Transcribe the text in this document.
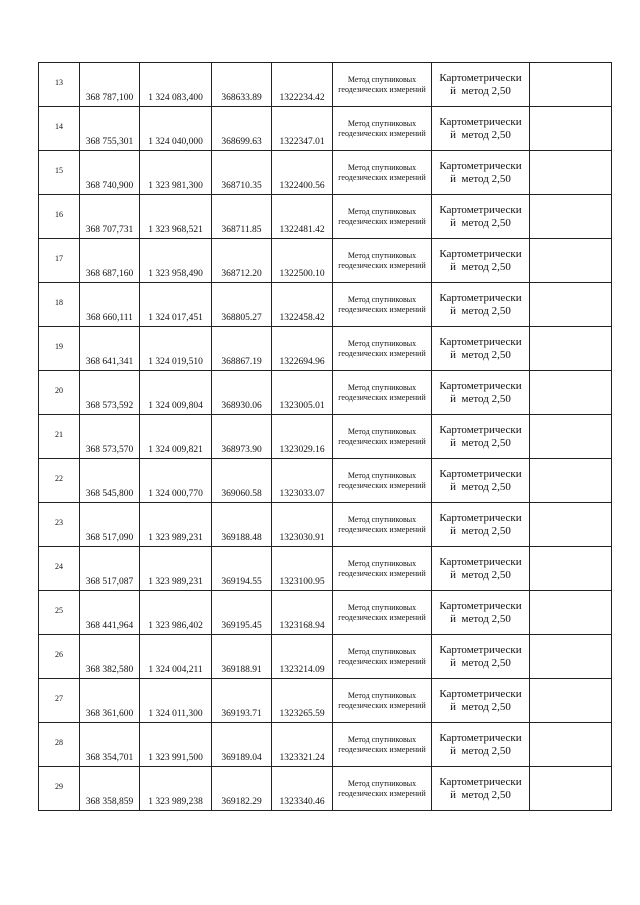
13	368 787,100	1 324 083,400	368633.89	1322234.42	Метод спутниковых геодезических измерений	Картометрически
й  метод 2,50	

14	368 755,301	1 324 040,000	368699.63	1322347.01	Метод спутниковых геодезических измерений	Картометрически
й  метод 2,50	

15	368 740,900	1 323 981,300	368710.35	1322400.56	Метод спутниковых геодезических измерений	Картометрически
й  метод 2,50	

16	368 707,731	1 323 968,521	368711.85	1322481.42	Метод спутниковых геодезических измерений	Картометрически
й  метод 2,50	

17	368 687,160	1 323 958,490	368712.20	1322500.10	Метод спутниковых геодезических измерений	Картометрически
й  метод 2,50	

18	368 660,111	1 324 017,451	368805.27	1322458.42	Метод спутниковых геодезических измерений	Картометрически
й  метод 2,50	

19	368 641,341	1 324 019,510	368867.19	1322694.96	Метод спутниковых геодезических измерений	Картометрически
й  метод 2,50	

20	368 573,592	1 324 009,804	368930.06	1323005.01	Метод спутниковых геодезических измерений	Картометрически
й  метод 2,50	

21	368 573,570	1 324 009,821	368973.90	1323029.16	Метод спутниковых геодезических измерений	Картометрически
й  метод 2,50	

22	368 545,800	1 324 000,770	369060.58	1323033.07	Метод спутниковых геодезических измерений	Картометрически
й  метод 2,50	

23	368 517,090	1 323 989,231	369188.48	1323030.91	Метод спутниковых геодезических измерений	Картометрически
й  метод 2,50	

24	368 517,087	1 323 989,231	369194.55	1323100.95	Метод спутниковых геодезических измерений	Картометрически
й  метод 2,50	

25	368 441,964	1 323 986,402	369195.45	1323168.94	Метод спутниковых геодезических измерений	Картометрически
й  метод 2,50	

26	368 382,580	1 324 004,211	369188.91	1323214.09	Метод спутниковых геодезических измерений	Картометрически
й  метод 2,50	

27	368 361,600	1 324 011,300	369193.71	1323265.59	Метод спутниковых геодезических измерений	Картометрически
й  метод 2,50	

28	368 354,701	1 323 991,500	369189.04	1323321.24	Метод спутниковых геодезических измерений	Картометрически
й  метод 2,50	

29	368 358,859	1 323 989,238	369182.29	1323340.46	Метод спутниковых геодезических измерений	Картометрически
й  метод 2,50	
